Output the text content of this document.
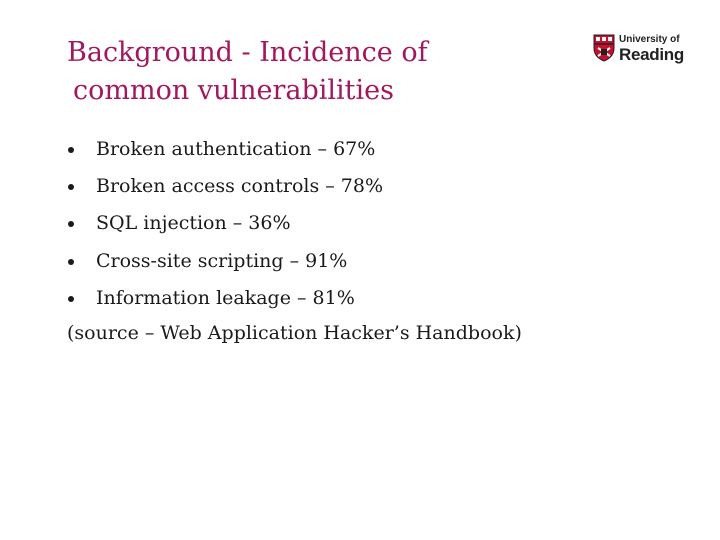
Background - Incidence of
common vulnerabilities
University of
Reading
Broken authentication – 67%
Broken access controls – 78%
SQL injection – 36%
Cross-site scripting – 91%
Information leakage – 81%
(source – Web Application Hacker’s Handbook)
